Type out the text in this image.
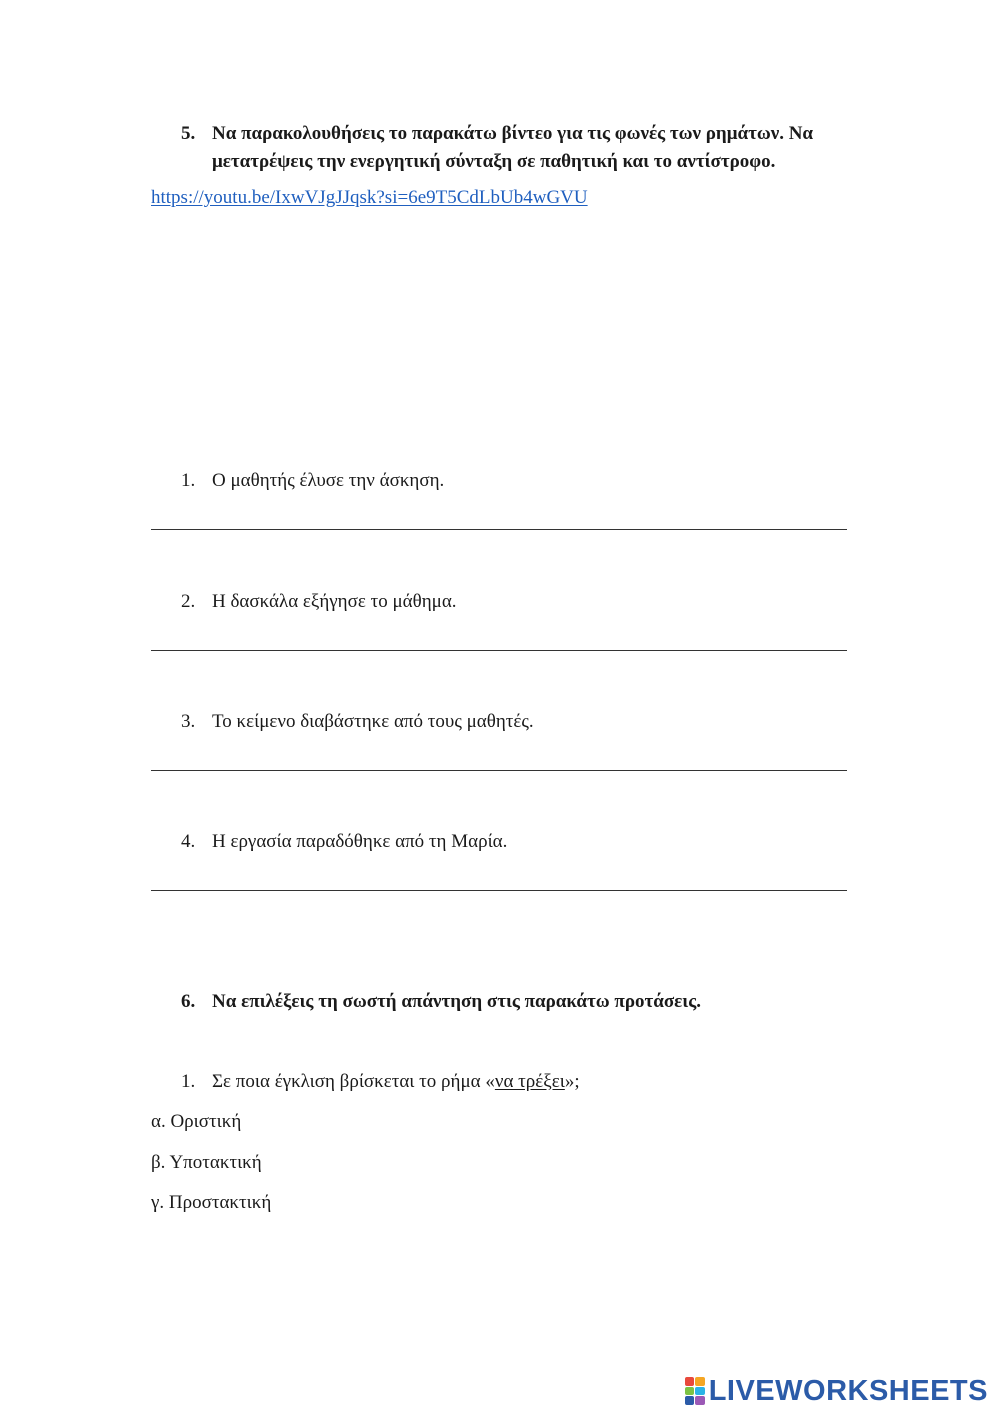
5. Να παρακολουθήσεις το παρακάτω βίντεο για τις φωνές των ρημάτων. Να μετατρέψεις την ενεργητική σύνταξη σε παθητική και το αντίστροφο.
https://youtu.be/IxwVJgJJqsk?si=6e9T5CdLbUb4wGVU
1. Ο μαθητής έλυσε την άσκηση.
2. Η δασκάλα εξήγησε το μάθημα.
3. Το κείμενο διαβάστηκε από τους μαθητές.
4. Η εργασία παραδόθηκε από τη Μαρία.
6. Να επιλέξεις τη σωστή απάντηση στις παρακάτω προτάσεις.
1. Σε ποια έγκλιση βρίσκεται το ρήμα «να τρέξει»;
α. Οριστική
β. Υποτακτική
γ. Προστακτική
LIVEWORKSHEETS
